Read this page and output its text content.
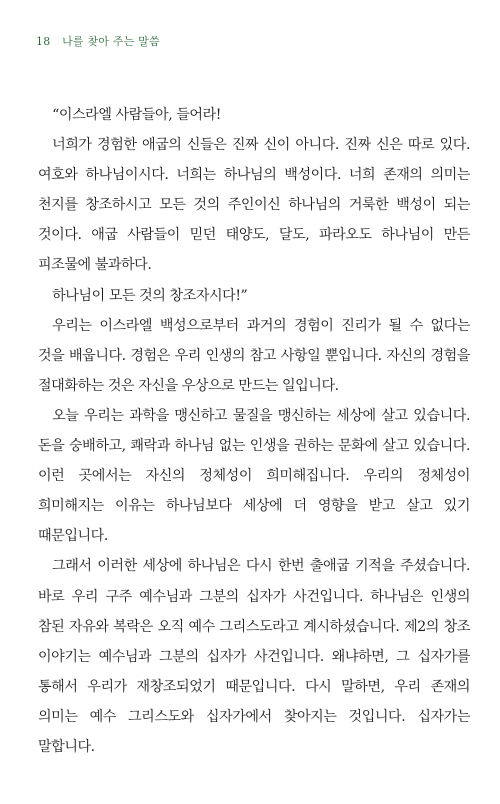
18 나를 찾아 주는 말씀

“이스라엘 사람들아, 들어라!

너희가 경험한 애굽의 신들은 진짜 신이 아니다. 진짜 신은 따로 있다. 여호와 하나님이시다. 너희는 하나님의 백성이다. 너희 존재의 의미는 천지를 창조하시고 모든 것의 주인이신 하나님의 거룩한 백성이 되는 것이다. 애굽 사람들이 믿던 태양도, 달도, 파라오도 하나님이 만든 피조물에 불과하다.

하나님이 모든 것의 창조자시다!”

우리는 이스라엘 백성으로부터 과거의 경험이 진리가 될 수 없다는 것을 배웁니다. 경험은 우리 인생의 참고 사항일 뿐입니다. 자신의 경험을 절대화하는 것은 자신을 우상으로 만드는 일입니다.

오늘 우리는 과학을 맹신하고 물질을 맹신하는 세상에 살고 있습니다. 돈을 숭배하고, 쾌락과 하나님 없는 인생을 권하는 문화에 살고 있습니다. 이런 곳에서는 자신의 정체성이 희미해집니다. 우리의 정체성이 희미해지는 이유는 하나님보다 세상에 더 영향을 받고 살고 있기 때문입니다.

그래서 이러한 세상에 하나님은 다시 한번 출애굽 기적을 주셨습니다. 바로 우리 구주 예수님과 그분의 십자가 사건입니다. 하나님은 인생의 참된 자유와 복락은 오직 예수 그리스도라고 계시하셨습니다. 제2의 창조 이야기는 예수님과 그분의 십자가 사건입니다. 왜냐하면, 그 십자가를 통해서 우리가 재창조되었기 때문입니다. 다시 말하면, 우리 존재의 의미는 예수 그리스도와 십자가에서 찾아지는 것입니다. 십자가는 말합니다.
